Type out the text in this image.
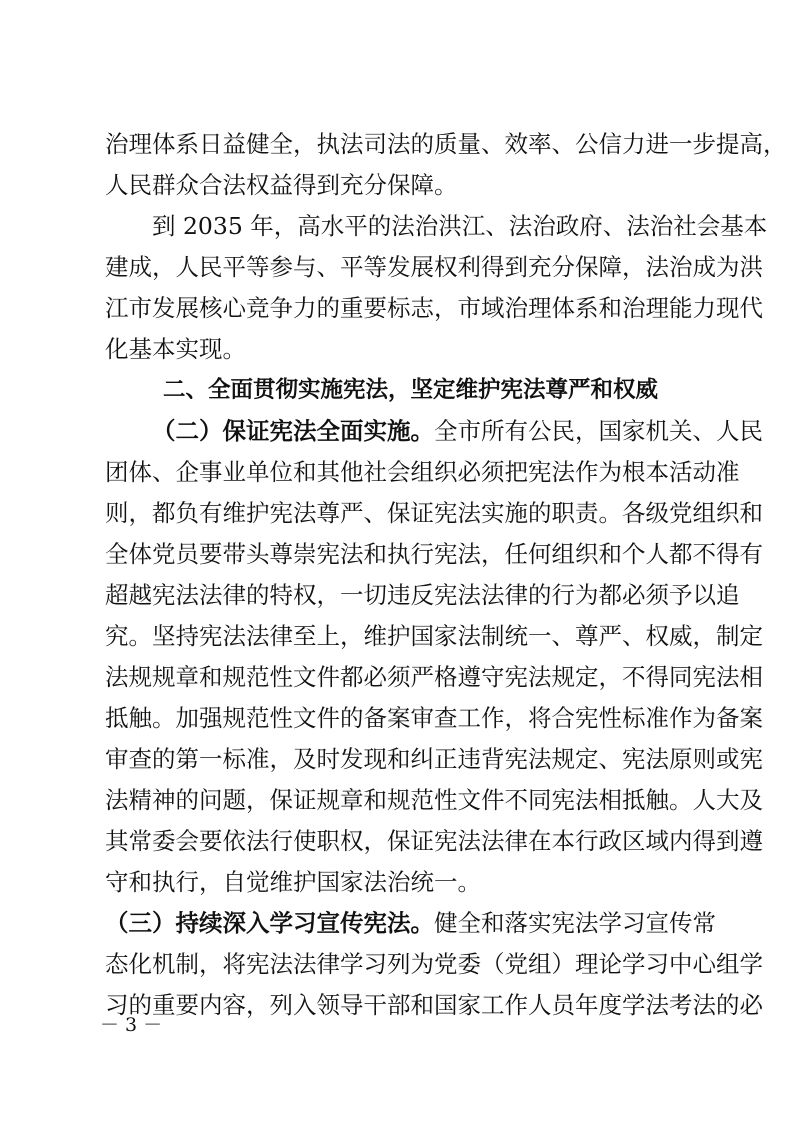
治理体系日益健全，执法司法的质量、效率、公信力进一步提高，
人民群众合法权益得到充分保障。
到 2035 年，高水平的法治洪江、法治政府、法治社会基本
建成，人民平等参与、平等发展权利得到充分保障，法治成为洪
江市发展核心竞争力的重要标志，市域治理体系和治理能力现代
化基本实现。
二、全面贯彻实施宪法，坚定维护宪法尊严和权威
（二）保证宪法全面实施。全市所有公民，国家机关、人民
团体、企事业单位和其他社会组织必须把宪法作为根本活动准
则，都负有维护宪法尊严、保证宪法实施的职责。各级党组织和
全体党员要带头尊崇宪法和执行宪法，任何组织和个人都不得有
超越宪法法律的特权，一切违反宪法法律的行为都必须予以追
究。坚持宪法法律至上，维护国家法制统一、尊严、权威，制定
法规规章和规范性文件都必须严格遵守宪法规定，不得同宪法相
抵触。加强规范性文件的备案审查工作，将合宪性标准作为备案
审查的第一标准，及时发现和纠正违背宪法规定、宪法原则或宪
法精神的问题，保证规章和规范性文件不同宪法相抵触。人大及
其常委会要依法行使职权，保证宪法法律在本行政区域内得到遵
守和执行，自觉维护国家法治统一。
（三）持续深入学习宣传宪法。健全和落实宪法学习宣传常
－ 3 －
态化机制，将宪法法律学习列为党委（党组）理论学习中心组学
习的重要内容，列入领导干部和国家工作人员年度学法考法的必
